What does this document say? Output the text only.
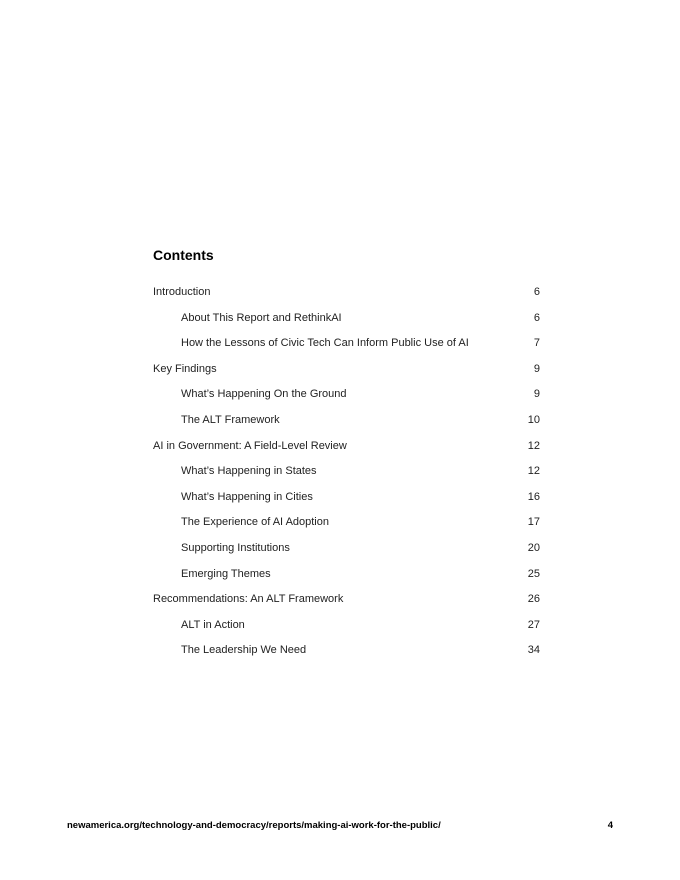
Contents
Introduction	6
About This Report and RethinkAI	6
How the Lessons of Civic Tech Can Inform Public Use of AI	7
Key Findings	9
What’s Happening On the Ground	9
The ALT Framework	10
AI in Government: A Field-Level Review	12
What’s Happening in States	12
What’s Happening in Cities	16
The Experience of AI Adoption	17
Supporting Institutions	20
Emerging Themes	25
Recommendations: An ALT Framework	26
ALT in Action	27
The Leadership We Need	34
newamerica.org/technology-and-democracy/reports/making-ai-work-for-the-public/	4
